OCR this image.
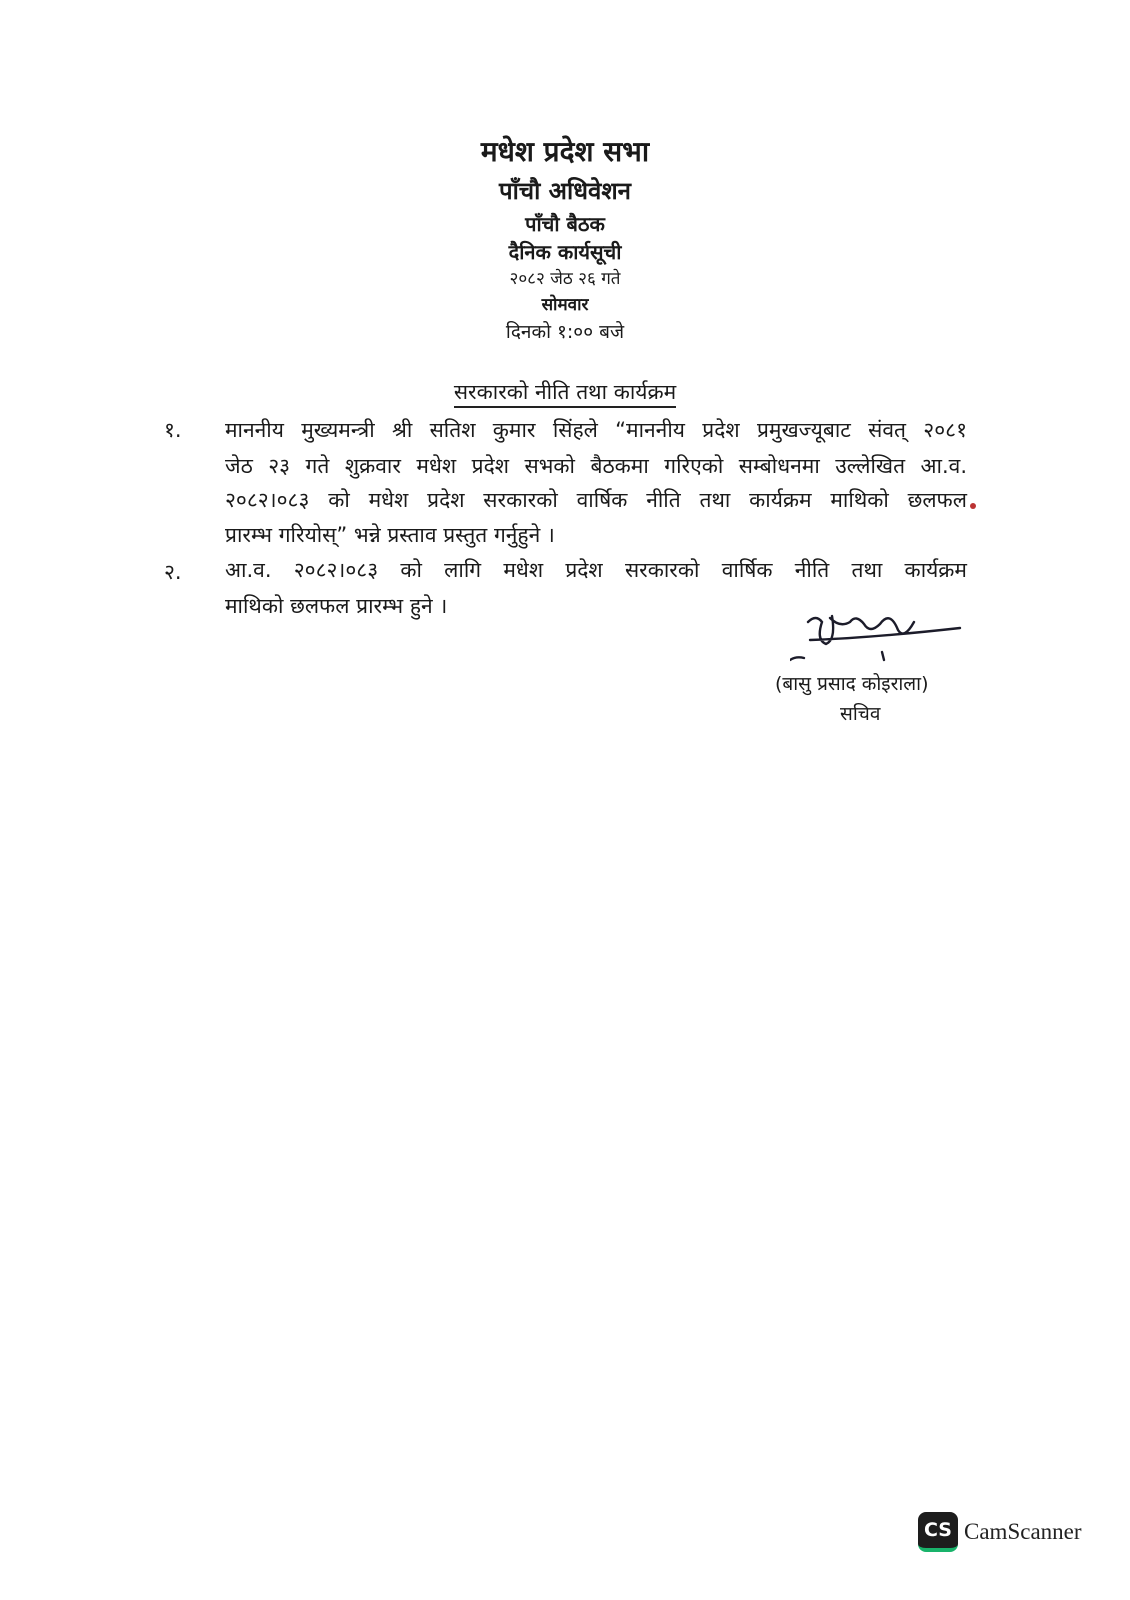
मधेश प्रदेश सभा
पाँचौ अधिवेशन
पाँचौ बैठक
दैनिक कार्यसूची
२०८२ जेठ २६ गते
सोमवार
दिनको १:०० बजे
सरकारको नीति तथा कार्यक्रम
१. माननीय मुख्यमन्त्री श्री सतिश कुमार सिंहले “माननीय प्रदेश प्रमुखज्यूबाट संवत् २०८१
जेठ २३ गते शुक्रवार मधेश प्रदेश सभको बैठकमा गरिएको सम्बोधनमा उल्लेखित आ.व.
२०८२।०८३ को मधेश प्रदेश सरकारको वार्षिक नीति तथा कार्यक्रम माथिको छलफल
प्रारम्भ गरियोस्” भन्ने प्रस्ताव प्रस्तुत गर्नुहुने ।
२. आ.व. २०८२।०८३ को लागि मधेश प्रदेश सरकारको वार्षिक नीति तथा कार्यक्रम
माथिको छलफल प्रारम्भ हुने ।
(बासु प्रसाद कोइराला)
सचिव
CS CamScanner
